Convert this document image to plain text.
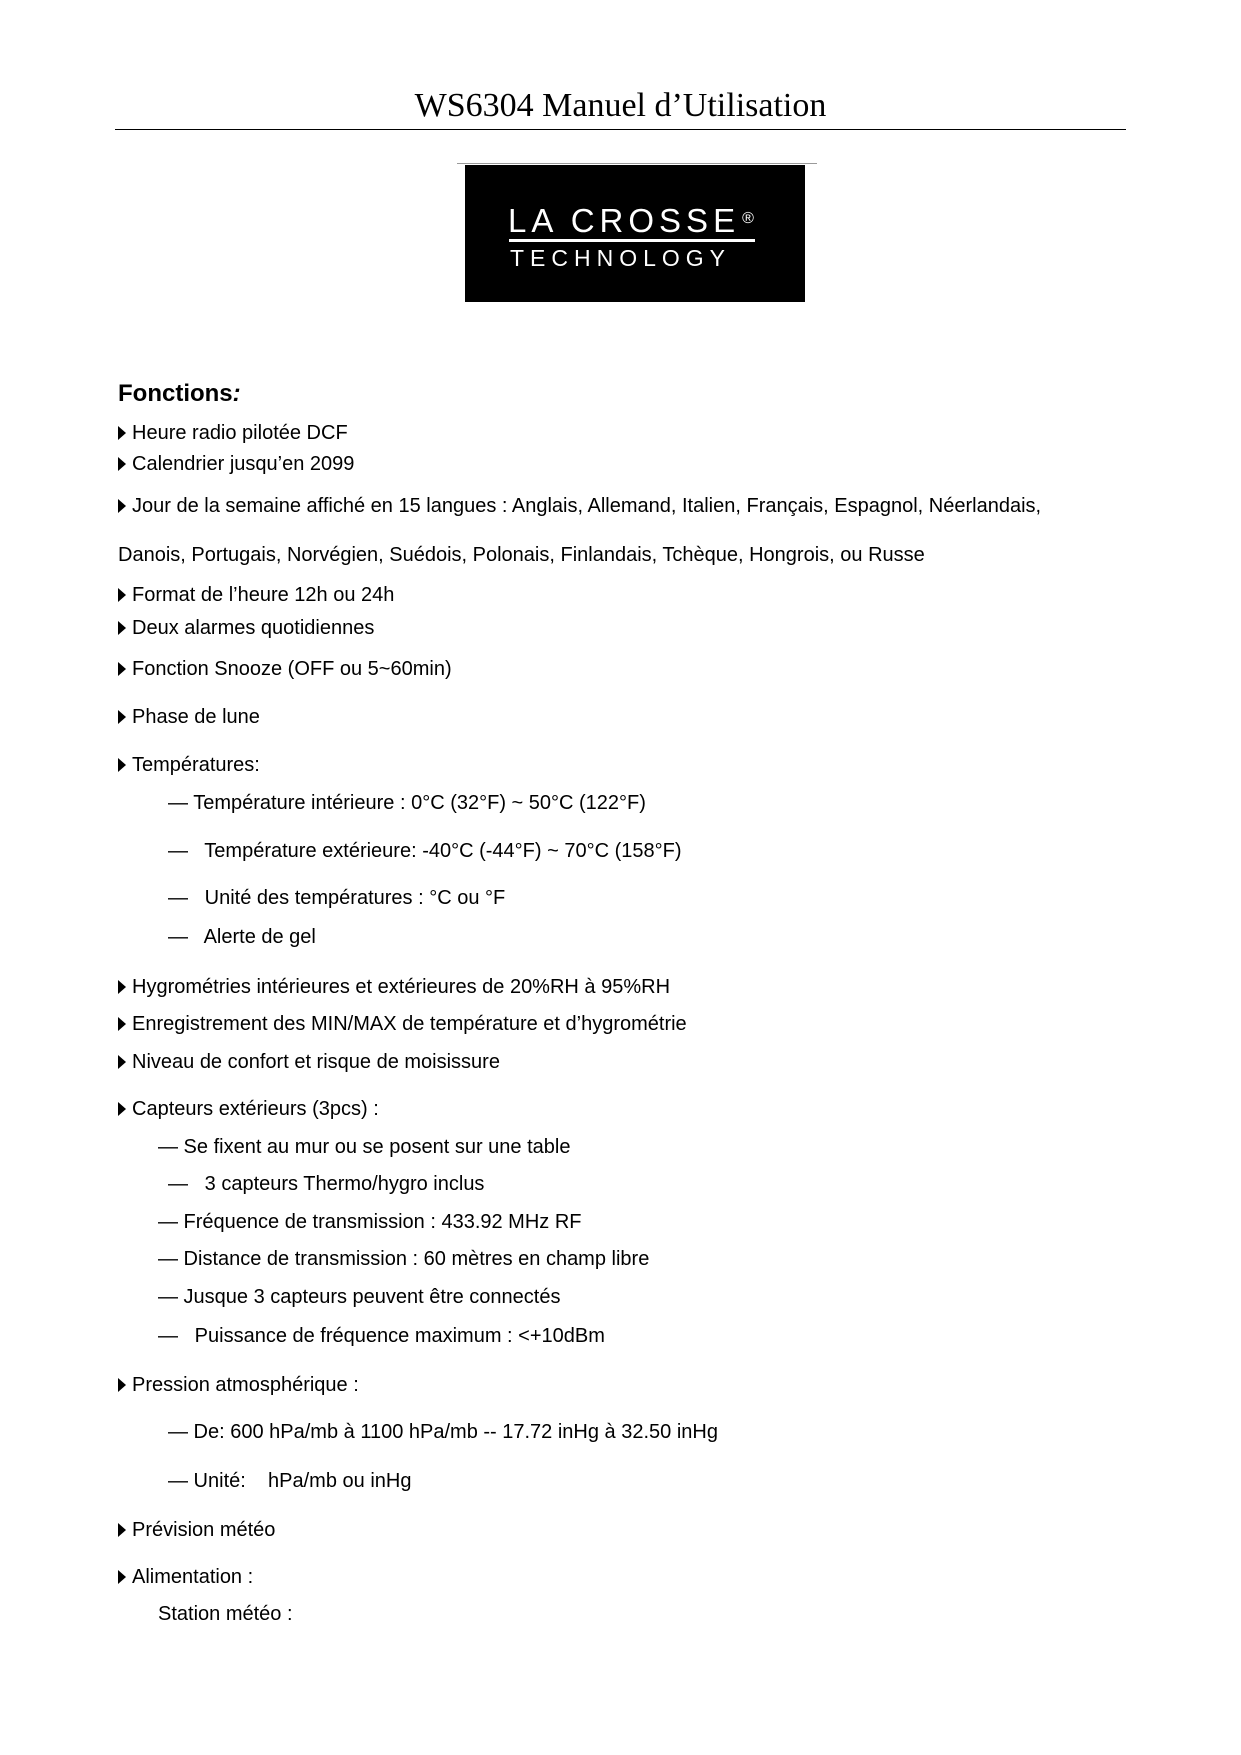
WS6304 Manuel d’Utilisation
LA CROSSE ®
TECHNOLOGY
Fonctions:
Heure radio pilotée DCF
Calendrier jusqu’en 2099
Jour de la semaine affiché en 15 langues : Anglais, Allemand, Italien, Français, Espagnol, Néerlandais,
Danois, Portugais, Norvégien, Suédois, Polonais, Finlandais, Tchèque, Hongrois, ou Russe
Format de l’heure 12h ou 24h
Deux alarmes quotidiennes
Fonction Snooze (OFF ou 5~60min)
Phase de lune
Températures:
— Température intérieure : 0°C (32°F) ~ 50°C (122°F)
—   Température extérieure: -40°C (-44°F) ~ 70°C (158°F)
—   Unité des températures : °C ou °F
—   Alerte de gel
Hygrométries intérieures et extérieures de 20%RH à 95%RH
Enregistrement des MIN/MAX de température et d’hygrométrie
Niveau de confort et risque de moisissure
Capteurs extérieurs (3pcs) :
— Se fixent au mur ou se posent sur une table
—   3 capteurs Thermo/hygro inclus
— Fréquence de transmission : 433.92 MHz RF
— Distance de transmission : 60 mètres en champ libre
— Jusque 3 capteurs peuvent être connectés
—   Puissance de fréquence maximum : <+10dBm
Pression atmosphérique :
— De: 600 hPa/mb à 1100 hPa/mb -- 17.72 inHg à 32.50 inHg
— Unité:    hPa/mb ou inHg
Prévision météo
Alimentation :
Station météo :
